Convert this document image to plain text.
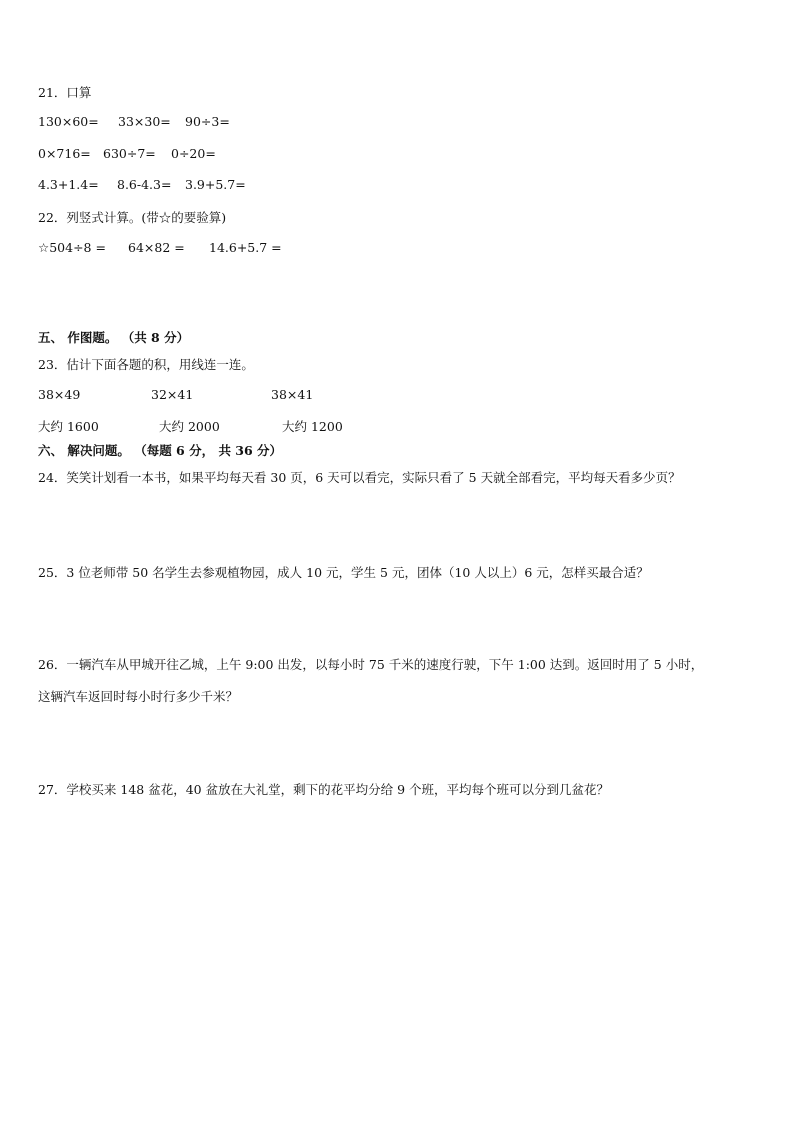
21．口算
130×60= 33×30= 90÷3=
0×716= 630÷7= 0÷20=
4.3+1.4= 8.6-4.3= 3.9+5.7=
22．列竖式计算。(带☆的要验算)
☆504÷8 = 64×82 = 14.6+5.7 =
五、 作图题。 （共 8 分）
23．估计下面各题的积，用线连一连。
38×49	32×41	38×41
大约 1600	大约 2000	大约 1200
六、 解决问题。 （每题 6 分， 共 36 分）
24．笑笑计划看一本书，如果平均每天看 30 页，6 天可以看完，实际只看了 5 天就全部看完，平均每天看多少页？
25．3 位老师带 50 名学生去参观植物园，成人 10 元，学生 5 元，团体（10 人以上）6 元，怎样买最合适？
26．一辆汽车从甲城开往乙城，上午 9:00 出发，以每小时 75 千米的速度行驶，下午 1:00 达到。返回时用了 5 小时，
这辆汽车返回时每小时行多少千米？
27．学校买来 148 盆花，40 盆放在大礼堂，剩下的花平均分给 9 个班，平均每个班可以分到几盆花？
